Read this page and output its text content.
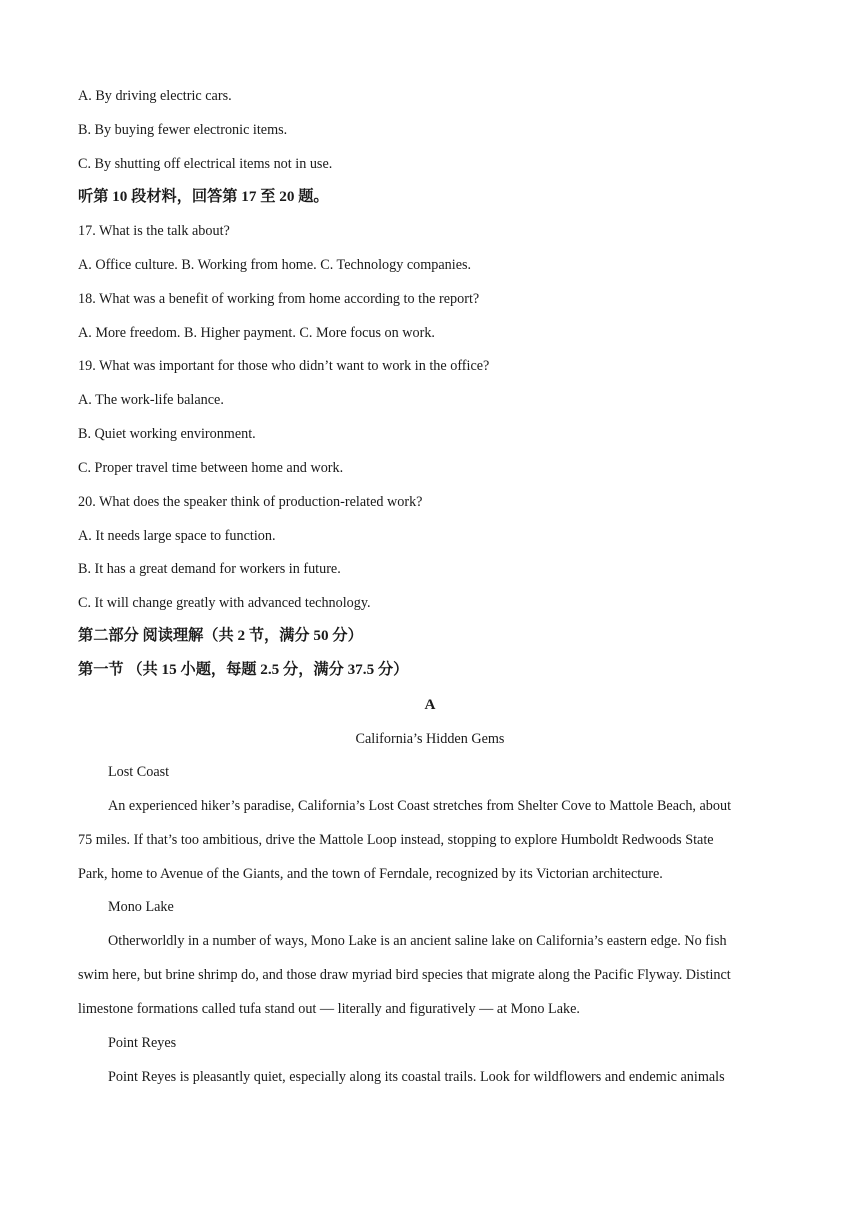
A. By driving electric cars.
B. By buying fewer electronic items.
C. By shutting off electrical items not in use.
听第 10 段材料，回答第 17 至 20 题。
17. What is the talk about?
A. Office culture. B. Working from home. C. Technology companies.
18. What was a benefit of working from home according to the report?
A. More freedom. B. Higher payment. C. More focus on work.
19. What was important for those who didn’t want to work in the office?
A. The work-life balance.
B. Quiet working environment.
C. Proper travel time between home and work.
20. What does the speaker think of production-related work?
A. It needs large space to function.
B. It has a great demand for workers in future.
C. It will change greatly with advanced technology.
第二部分 阅读理解（共 2 节，满分 50 分）
第一节 （共 15 小题，每题 2.5 分，满分 37.5 分）
A
California’s Hidden Gems
Lost Coast
An experienced hiker’s paradise, California’s Lost Coast stretches from Shelter Cove to Mattole Beach, about
75 miles. If that’s too ambitious, drive the Mattole Loop instead, stopping to explore Humboldt Redwoods State
Park, home to Avenue of the Giants, and the town of Ferndale, recognized by its Victorian architecture.
Mono Lake
Otherworldly in a number of ways, Mono Lake is an ancient saline lake on California’s eastern edge. No fish
swim here, but brine shrimp do, and those draw myriad bird species that migrate along the Pacific Flyway. Distinct
limestone formations called tufa stand out — literally and figuratively — at Mono Lake.
Point Reyes
Point Reyes is pleasantly quiet, especially along its coastal trails. Look for wildflowers and endemic animals
